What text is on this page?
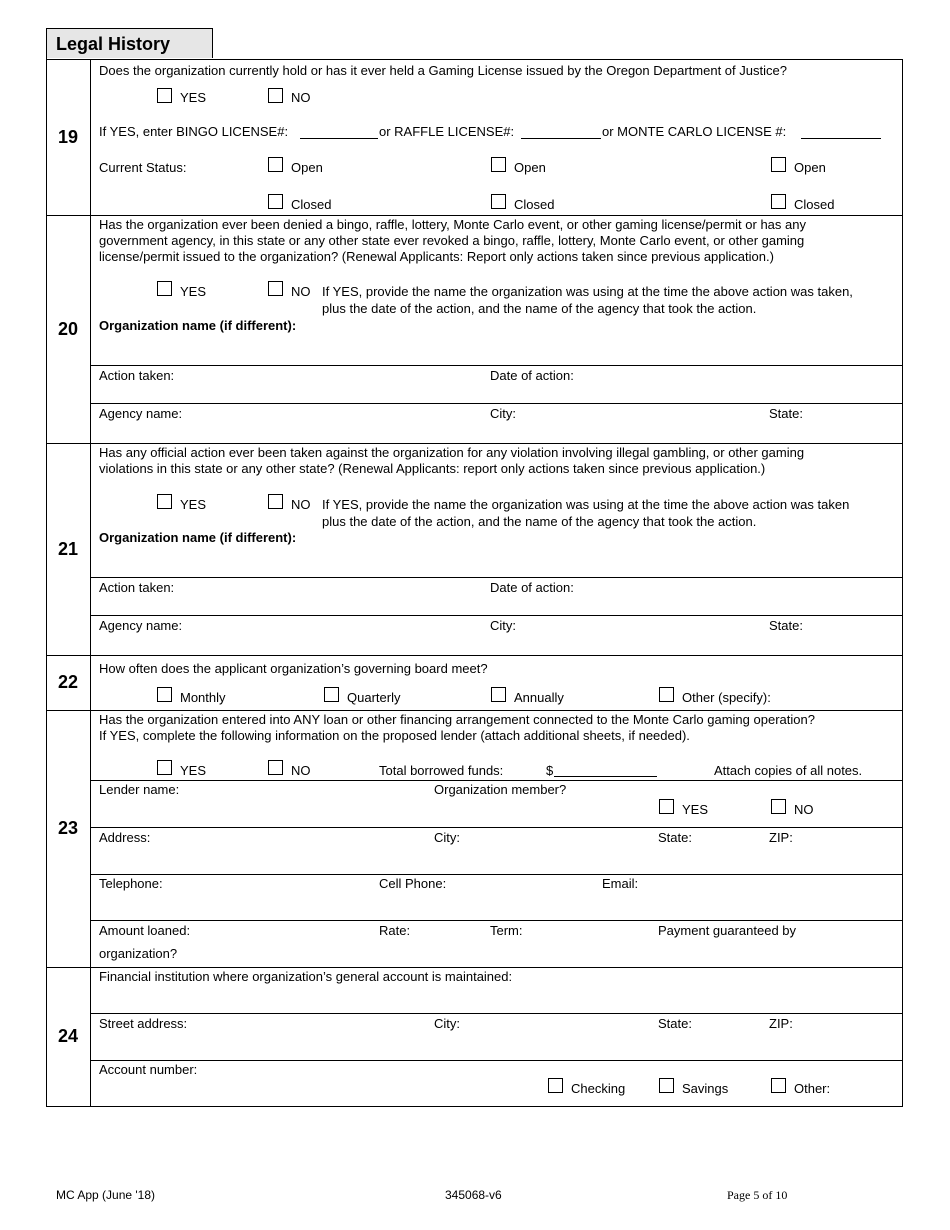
Legal History
19
Does the organization currently hold or has it ever held a Gaming License issued by the Oregon Department of Justice?
YES	NO
If YES, enter BINGO LICENSE#:	or RAFFLE LICENSE#:	or MONTE CARLO LICENSE #:
Current Status:	Open	Open	Open
Closed	Closed	Closed
20
Has the organization ever been denied a bingo, raffle, lottery, Monte Carlo event, or other gaming license/permit or has any
government agency, in this state or any other state ever revoked a bingo, raffle, lottery, Monte Carlo event, or other gaming
license/permit issued to the organization? (Renewal Applicants: Report only actions taken since previous application.)
YES	NO If YES, provide the name the organization was using at the time the above action was taken,
plus the date of the action, and the name of the agency that took the action.
Organization name (if different):
Action taken:	Date of action:
Agency name:	City:	State:
21
Has any official action ever been taken against the organization for any violation involving illegal gambling, or other gaming
violations in this state or any other state? (Renewal Applicants: report only actions taken since previous application.)
YES	NO If YES, provide the name the organization was using at the time the above action was taken
plus the date of the action, and the name of the agency that took the action.
Organization name (if different):
Action taken:	Date of action:
Agency name:	City:	State:
22
How often does the applicant organization’s governing board meet?
Monthly	Quarterly	Annually	Other (specify):
23
Has the organization entered into ANY loan or other financing arrangement connected to the Monte Carlo gaming operation?
If YES, complete the following information on the proposed lender (attach additional sheets, if needed).
YES	NO	Total borrowed funds:	$	Attach copies of all notes.
Lender name:	Organization member?
YES	NO
Address:	City:	State:	ZIP:
Telephone:	Cell Phone:	Email:
Amount loaned:	Rate:	Term:	Payment guaranteed by
organization?
24
Financial institution where organization’s general account is maintained:
Street address:	City:	State:	ZIP:
Account number:
Checking	Savings	Other:
MC App (June '18)	345068-v6	Page 5 of 10
